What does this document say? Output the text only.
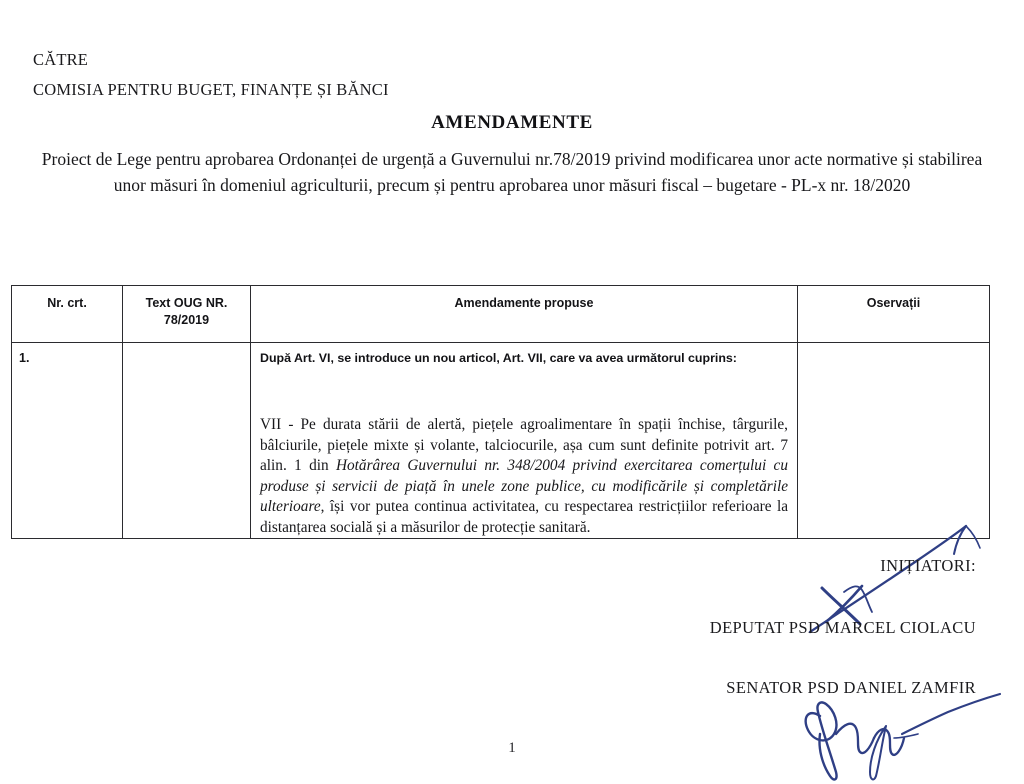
CĂTRE
COMISIA PENTRU BUGET, FINANȚE ȘI BĂNCI
AMENDAMENTE
Proiect de Lege pentru aprobarea Ordonanței de urgență a Guvernului nr.78/2019 privind modificarea unor acte normative și stabilirea unor măsuri în domeniul agriculturii, precum și pentru aprobarea unor măsuri fiscal – bugetare - PL-x nr. 18/2020
Nr. crt.	Text OUG NR. 78/2019	Amendamente propuse	Oservații
1.		După Art. VI, se introduce un nou articol, Art. VII, care va avea următorul cuprins:

VII - Pe durata stării de alertă, piețele agroalimentare în spații închise, târgurile, bâlciurile, piețele mixte și volante, talciocurile, așa cum sunt definite potrivit art. 7 alin. 1 din Hotărârea Guvernului nr. 348/2004 privind exercitarea comerțului cu produse și servicii de piață în unele zone publice, cu modificările și completările ulterioare, își vor putea continua activitatea, cu respectarea restricțiilor referioare la distanțarea socială și a măsurilor de protecție sanitară.	

INIȚIATORI:
DEPUTAT PSD MARCEL CIOLACU
SENATOR PSD DANIEL ZAMFIR
1
